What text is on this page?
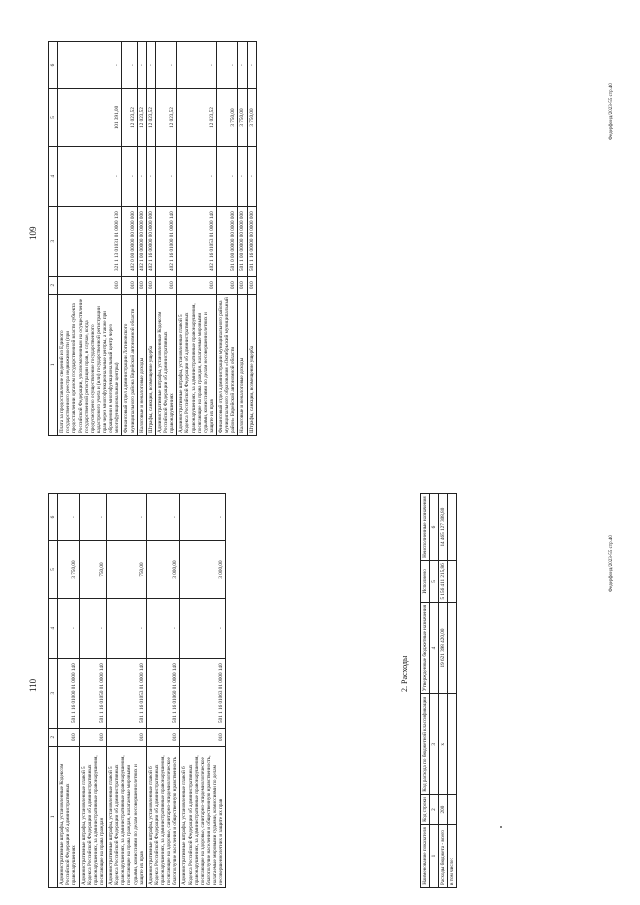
109
1	2	3	4	5	6
Плата за предоставление сведений из Единого государственного реестра недвижимости (при предоставлении органом государственной власти субъекта Российской Федерации, уполномоченным на осуществление государственной регистрации прав, в случае, когда предусмотрено осуществление государственного кадастрового учета и (или) государственной регистрации прав через многофункциональные центры, а также при обращении в многофункциональный центр через многофункциональные центры)	010	321 1 13 01031 01 0000 130	-	101 391,00	-
Финансовый отдел администрации Логиновского муниципального района Еврейской автономной области	010	402 0 00 00000 00 0000 000	-	12 023,52	-
Налоговые и неналоговые доходы	010	402 1 00 00000 00 0000 000	-	12 023,52	-
Штрафы, санкции, возмещение ущерба	010	402 1 16 00000 00 0000 000	-	12 023,52	-
Административные штрафы, установленные Кодексом Российской Федерации об административных правонарушениях	010	402 1 16 01000 01 0000 140	-	12 023,52	-
Административные штрафы, установленные главой 5 Кодекса Российской Федерации об административных правонарушениях, за административные правонарушения, посягающие на права граждан, налагаемые мировыми судьями, комиссиями по делам несовершеннолетних и защите их прав	010	402 1 16 01053 01 0000 140	-	12 023,52	-
Финансовый отдел администрации муниципального района муниципального образования «Октябрьский муниципальный район» Еврейской автономной области	010	501 0 00 00000 00 0000 000	-	3 750,00	-
Налоговые и неналоговые доходы	010	501 1 00 00000 00 0000 000	-	3 750,00	-
Штрафы, санкции, возмещение ущерба	010	501 1 16 00000 00 0000 000	-	3 750,00	-
Федерфонд/2023-55 стр.40
110
1	2	3	4	5	6
Административные штрафы, установленные Кодексом Российской Федерации об административных правонарушениях	010	501 1 16 01000 01 0000 140	-	3 750,00	-
Административные штрафы, установленные главой 5 Кодекса Российской Федерации об административных правонарушениях, за административные правонарушения, посягающие на права граждан	010	501 1 16 01050 01 0000 140	-	750,00	-
Административные штрафы, установленные главой 5 Кодекса Российской Федерации об административных правонарушениях, за административные правонарушения, посягающие на права граждан, налагаемые мировыми судьями, комиссиями по делам несовершеннолетних и защите их прав	010	501 1 16 01053 01 0000 140	-	750,00	-
Административные штрафы, установленные главой 6 Кодекса Российской Федерации об административных правонарушениях, за административные правонарушения, посягающие на здоровье, санитарно-эпидемиологическое благополучие населения и общественную нравственность	010	501 1 16 01060 01 0000 140	-	3 000,00	-
Административные штрафы, установленные главой 6 Кодекса Российской Федерации об административных правонарушениях, за административные правонарушения, посягающие на здоровье, санитарно-эпидемиологическое благополучие населения и общественную нравственность, налагаемые мировыми судьями, комиссиями по делам несовершеннолетних и защите их прав	010	501 1 16 01063 01 0000 140	-	3 000,00	-
2. Расходы
Наименование показателя	Код строки	Код расхода по бюджетной классификации	Утвержденные бюджетные назначения	Исполнено	Неисполненные назначения
1	2	3	4	5	6
Расходы бюджета - всего	200	x	19 621 398 420,00	5 156 411 215,86	14 465 127 308,80
в том числе:					
Федерфонд/2023-55 стр.40
